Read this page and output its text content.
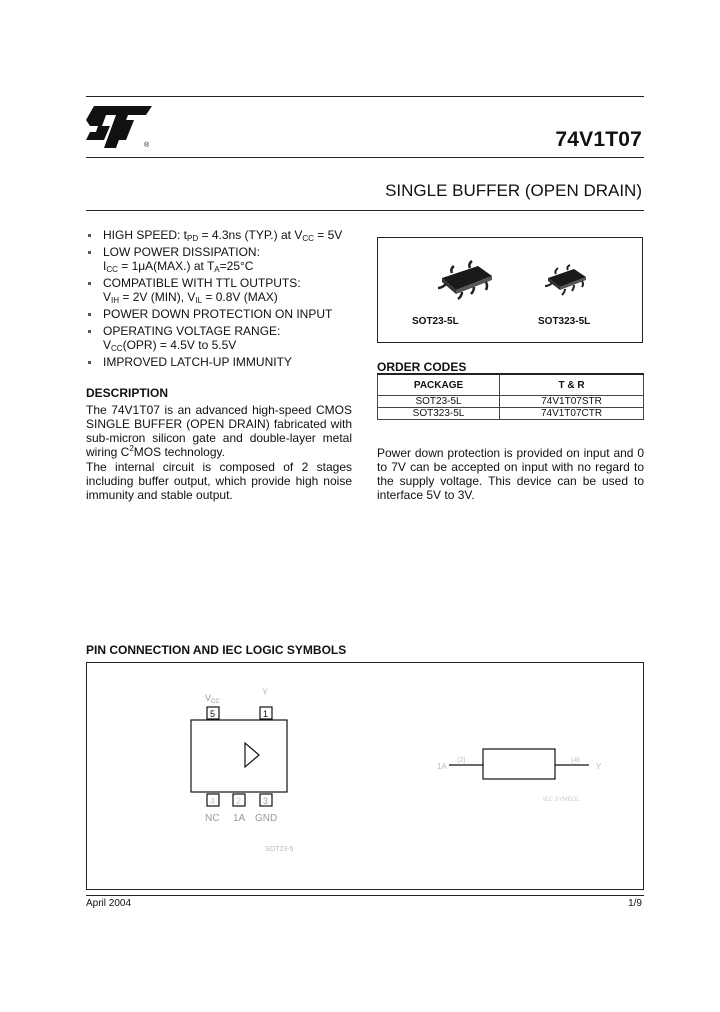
®	74V1T07
SINGLE BUFFER (OPEN DRAIN)
HIGH SPEED: $t_{PD} = 4.3ns$ (TYP.) at $V_{CC} = 5V$
LOW POWER DISSIPATION:
$I_{CC} = 1\mu A(MAX.)$ at $T_A=25^\circ C$
COMPATIBLE WITH TTL OUTPUTS:
$V_{IH} = 2V$ (MIN), $V_{IL} = 0.8V$ (MAX)
POWER DOWN PROTECTION ON INPUT
OPERATING VOLTAGE RANGE:
$V_{CC}(OPR) = 4.5V$ to 5.5V
IMPROVED LATCH-UP IMMUNITY
DESCRIPTION
The 74V1T07 is an advanced high-speed CMOS SINGLE BUFFER (OPEN DRAIN) fabricated with sub-micron silicon gate and double-layer metal wiring $C^2MOS$ technology.
The internal circuit is composed of 2 stages including buffer output, which provide high noise immunity and stable output.
SOT23-5L	SOT323-5L
ORDER CODES
PACKAGE	T & R
SOT23-5L	74V1T07STR
SOT323-5L	74V1T07CTR
Power down protection is provided on input and 0 to 7V can be accepted on input with no regard to the supply voltage. This device can be used to interface 5V to 3V.
PIN CONNECTION AND IEC LOGIC SYMBOLS
$V_{CC}$
Y
5	1
4 2 3
NC 1A GND
SOT23-5
1A
(2)	(4)
Y
IEC SYMBOL
April 2004	1/9
